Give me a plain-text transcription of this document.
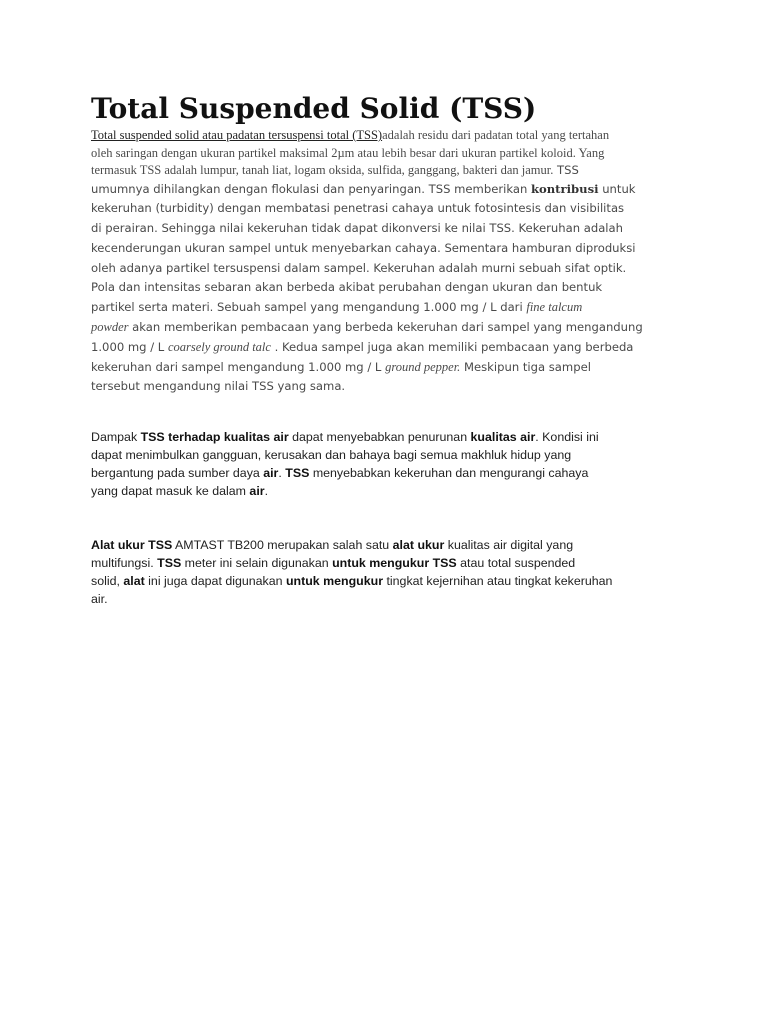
Total Suspended Solid (TSS)
Total suspended solid atau padatan tersuspensi total (TSS)adalah residu dari padatan total yang tertahan
oleh saringan dengan ukuran partikel maksimal 2µm atau lebih besar dari ukuran partikel koloid. Yang
termasuk TSS adalah lumpur, tanah liat, logam oksida, sulfida, ganggang, bakteri dan jamur. TSS
umumnya dihilangkan dengan flokulasi dan penyaringan. TSS memberikan kontribusi untuk
kekeruhan (turbidity) dengan membatasi penetrasi cahaya untuk fotosintesis dan visibilitas
di perairan. Sehingga nilai kekeruhan tidak dapat dikonversi ke nilai TSS. Kekeruhan adalah
kecenderungan ukuran sampel untuk menyebarkan cahaya. Sementara hamburan diproduksi
oleh adanya partikel tersuspensi dalam sampel. Kekeruhan adalah murni sebuah sifat optik.
Pola dan intensitas sebaran akan berbeda akibat perubahan dengan ukuran dan bentuk
partikel serta materi. Sebuah sampel yang mengandung 1.000 mg / L dari fine talcum
powder akan memberikan pembacaan yang berbeda kekeruhan dari sampel yang mengandung
1.000 mg / L coarsely ground talc . Kedua sampel juga akan memiliki pembacaan yang berbeda
kekeruhan dari sampel mengandung 1.000 mg / L ground pepper. Meskipun tiga sampel
tersebut mengandung nilai TSS yang sama.
Dampak TSS terhadap kualitas air dapat menyebabkan penurunan kualitas air. Kondisi ini
dapat menimbulkan gangguan, kerusakan dan bahaya bagi semua makhluk hidup yang
bergantung pada sumber daya air. TSS menyebabkan kekeruhan dan mengurangi cahaya
yang dapat masuk ke dalam air.
Alat ukur TSS AMTAST TB200 merupakan salah satu alat ukur kualitas air digital yang
multifungsi. TSS meter ini selain digunakan untuk mengukur TSS atau total suspended
solid, alat ini juga dapat digunakan untuk mengukur tingkat kejernihan atau tingkat kekeruhan
air.
